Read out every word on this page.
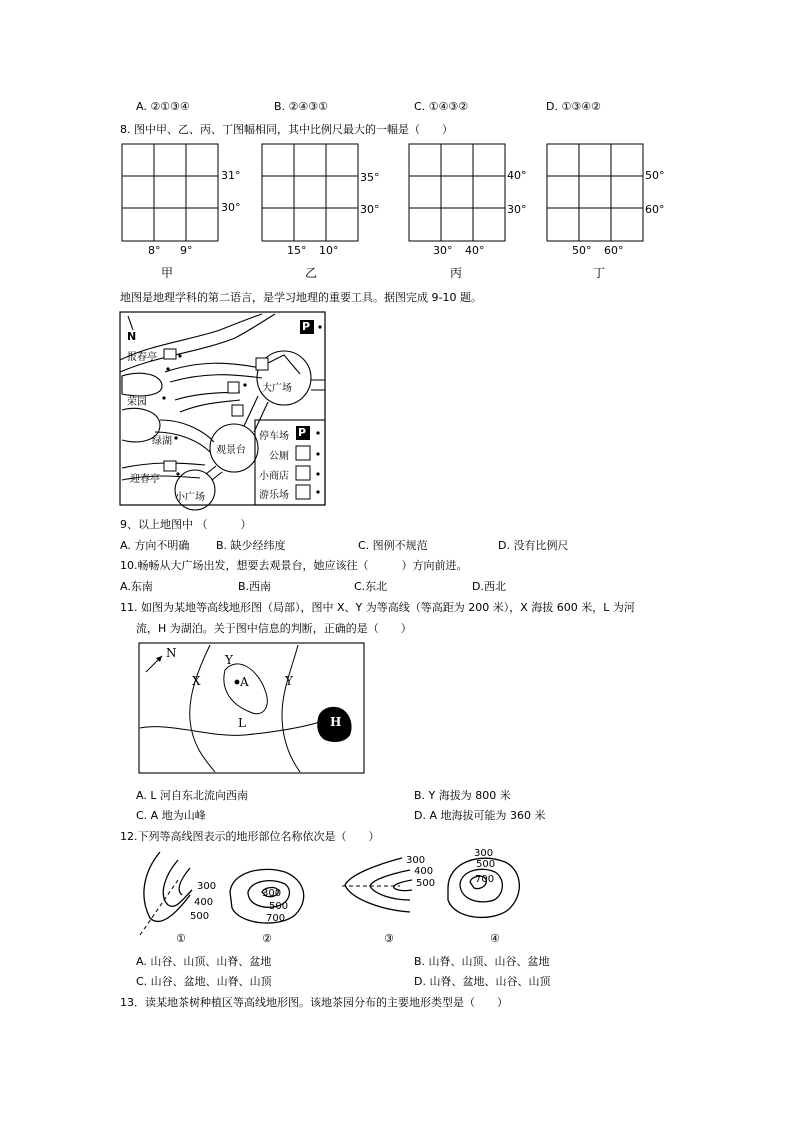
A. ②①③④	B. ②④③①	C. ①④③②	D. ①③④②
8. 图中甲、乙、丙、丁图幅相同，其中比例尺最大的一幅是（　　）
31°
30°
8° 9°
甲
35°
30°
15° 10°
乙
40°
30°
30° 40°
丙
50°
60°
50° 60°
丁
地图是地理学科的第二语言，是学习地理的重要工具。据图完成 9-10 题。
N
P
报春亭
荣园
绿湖
迎春亭
大广场
观景台
小广场
停车场 P
公厕
小商店
游乐场
9、以上地图中 （　　　）
A. 方向不明确 B. 缺少经纬度	C. 图例不规范	D. 没有比例尺
10.畅畅从大广场出发，想要去观景台，她应该往（　　　）方向前进。
A.东南	B.西南	C.东北	D.西北
11. 如图为某地等高线地形图（局部），图中 X、Y 为等高线（等高距为 200 米），X 海拔 600 米，L 为河
流，H 为湖泊。关于图中信息的判断，正确的是（　　）
N
X
Y
Y
A
L	H
A. L 河自东北流向西南	B. Y 海拔为 800 米
C. A 地为山峰	D. A 地海拔可能为 360 米
12.下列等高线图表示的地形部位名称依次是（　　）
300
400
500
①
300
500
700
②
300
400
500
③
300
500
700
④
A. 山谷、山顶、山脊、盆地	B. 山脊、山顶、山谷、盆地
C. 山谷、盆地、山脊、山顶	D. 山脊、盆地、山谷、山顶
13．读某地茶树种植区等高线地形图。该地茶园分布的主要地形类型是（　　）
